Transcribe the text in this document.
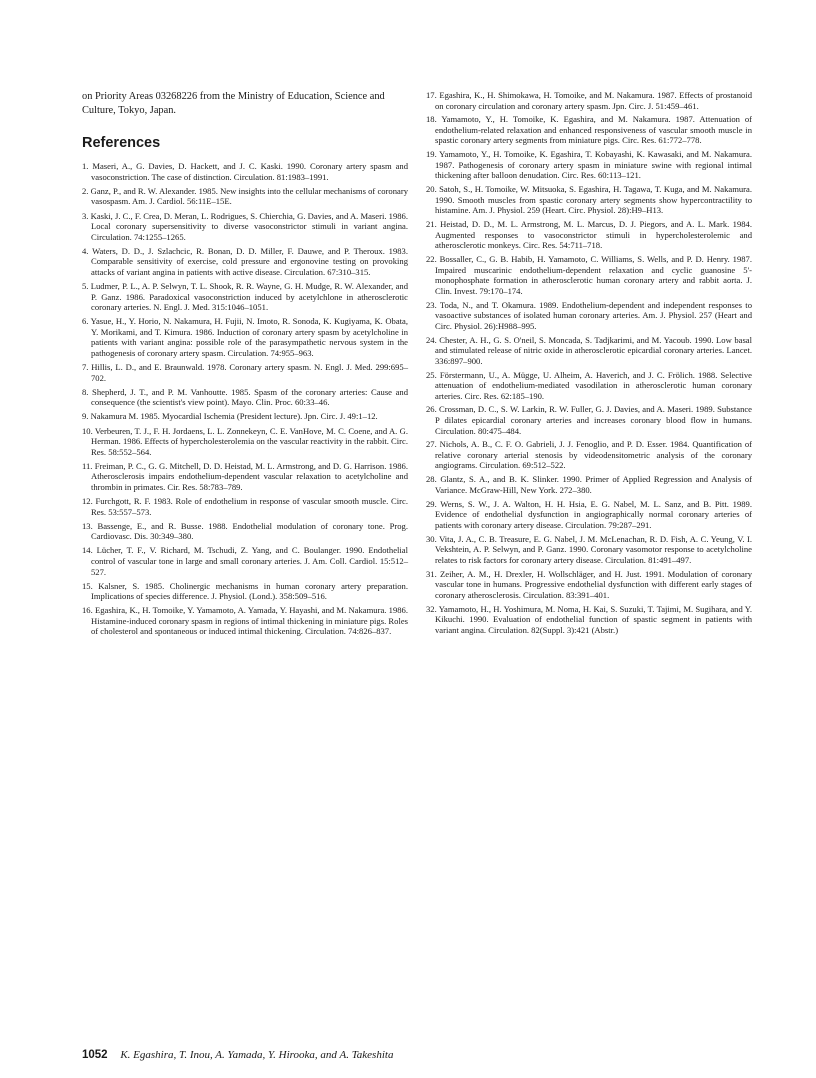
on Priority Areas 03268226 from the Ministry of Education, Science and Culture, Tokyo, Japan.

References
1. Maseri, A., G. Davies, D. Hackett, and J. C. Kaski. 1990. Coronary artery spasm and vasoconstriction. The case of distinction. Circulation. 81:1983–1991.
2. Ganz, P., and R. W. Alexander. 1985. New insights into the cellular mechanisms of coronary vasospasm. Am. J. Cardiol. 56:11E–15E.
3. Kaski, J. C., F. Crea, D. Meran, L. Rodrigues, S. Chierchia, G. Davies, and A. Maseri. 1986. Local coronary supersensitivity to diverse vasoconstrictor stimuli in variant angina. Circulation. 74:1255–1265.
4. Waters, D. D., J. Szlachcic, R. Bonan, D. D. Miller, F. Dauwe, and P. Theroux. 1983. Comparable sensitivity of exercise, cold pressure and ergonovine testing on provoking attacks of variant angina in patients with active disease. Circulation. 67:310–315.
5. Ludmer, P. L., A. P. Selwyn, T. L. Shook, R. R. Wayne, G. H. Mudge, R. W. Alexander, and P. Ganz. 1986. Paradoxical vasoconstriction induced by acetylchlone in atherosclerotic coronary arteries. N. Engl. J. Med. 315:1046–1051.
6. Yasue, H., Y. Horio, N. Nakamura, H. Fujii, N. Imoto, R. Sonoda, K. Kugiyama, K. Obata, Y. Morikami, and T. Kimura. 1986. Induction of coronary artery spasm by acetylcholine in patients with variant angina: possible role of the parasympathetic nervous system in the pathogenesis of coronary artery spasm. Circulation. 74:955–963.
7. Hillis, L. D., and E. Braunwald. 1978. Coronary artery spasm. N. Engl. J. Med. 299:695–702.
8. Shepherd, J. T., and P. M. Vanhoutte. 1985. Spasm of the coronary arteries: Cause and consequence (the scientist's view point). Mayo. Clin. Proc. 60:33–46.
9. Nakamura M. 1985. Myocardial Ischemia (President lecture). Jpn. Circ. J. 49:1–12.
10. Verbeuren, T. J., F. H. Jordaens, L. L. Zonnekeyn, C. E. VanHove, M. C. Coene, and A. G. Herman. 1986. Effects of hypercholesterolemia on the vascular reactivity in the rabbit. Circ. Res. 58:552–564.
11. Freiman, P. C., G. G. Mitchell, D. D. Heistad, M. L. Armstrong, and D. G. Harrison. 1986. Atherosclerosis impairs endothelium-dependent vascular relaxation to acetylcholine and thrombin in primates. Cir. Res. 58:783–789.
12. Furchgott, R. F. 1983. Role of endothelium in response of vascular smooth muscle. Circ. Res. 53:557–573.
13. Bassenge, E., and R. Busse. 1988. Endothelial modulation of coronary tone. Prog. Cardiovasc. Dis. 30:349–380.
14. Lücher, T. F., V. Richard, M. Tschudi, Z. Yang, and C. Boulanger. 1990. Endothelial control of vascular tone in large and small coronary arteries. J. Am. Coll. Cardiol. 15:512–527.
15. Kalsner, S. 1985. Cholinergic mechanisms in human coronary artery preparation. Implications of species difference. J. Physiol. (Lond.). 358:509–516.
16. Egashira, K., H. Tomoike, Y. Yamamoto, A. Yamada, Y. Hayashi, and M. Nakamura. 1986. Histamine-induced coronary spasm in regions of intimal thickening in miniature pigs. Roles of cholesterol and spontaneous or induced intimal thickening. Circulation. 74:826–837.
17. Egashira, K., H. Shimokawa, H. Tomoike, and M. Nakamura. 1987. Effects of prostanoid on coronary circulation and coronary artery spasm. Jpn. Circ. J. 51:459–461.
18. Yamamoto, Y., H. Tomoike, K. Egashira, and M. Nakamura. 1987. Attenuation of endothelium-related relaxation and enhanced responsiveness of vascular smooth muscle in spastic coronary artery segments from miniature pigs. Circ. Res. 61:772–778.
19. Yamamoto, Y., H. Tomoike, K. Egashira, T. Kobayashi, K. Kawasaki, and M. Nakamura. 1987. Pathogenesis of coronary artery spasm in miniature swine with regional intimal thickening after balloon denudation. Circ. Res. 60:113–121.
20. Satoh, S., H. Tomoike, W. Mitsuoka, S. Egashira, H. Tagawa, T. Kuga, and M. Nakamura. 1990. Smooth muscles from spastic coronary artery segments show hypercontractility to histamine. Am. J. Physiol. 259 (Heart. Circ. Physiol. 28):H9–H13.
21. Heistad, D. D., M. L. Armstrong, M. L. Marcus, D. J. Piegors, and A. L. Mark. 1984. Augmented responses to vasoconstrictor stimuli in hypercholesterolemic and atherosclerotic monkeys. Circ. Res. 54:711–718.
22. Bossaller, C., G. B. Habib, H. Yamamoto, C. Williams, S. Wells, and P. D. Henry. 1987. Impaired muscarinic endothelium-dependent relaxation and cyclic guanosine 5'-monophosphate formation in atherosclerotic human coronary artery and rabbit aorta. J. Clin. Invest. 79:170–174.
23. Toda, N., and T. Okamura. 1989. Endothelium-dependent and independent responses to vasoactive substances of isolated human coronary arteries. Am. J. Physiol. 257 (Heart and Circ. Physiol. 26):H988–995.
24. Chester, A. H., G. S. O'neil, S. Moncada, S. Tadjkarimi, and M. Yacoub. 1990. Low basal and stimulated release of nitric oxide in atherosclerotic epicardial coronary arteries. Lancet. 336:897–900.
25. Förstermann, U., A. Mügge, U. Alheim, A. Haverich, and J. C. Frölich. 1988. Selective attenuation of endothelium-mediated vasodilation in atherosclerotic human coronary arteries. Circ. Res. 62:185–190.
26. Crossman, D. C., S. W. Larkin, R. W. Fuller, G. J. Davies, and A. Maseri. 1989. Substance P dilates epicardial coronary arteries and increases coronary blood flow in humans. Circulation. 80:475–484.
27. Nichols, A. B., C. F. O. Gabrieli, J. J. Fenoglio, and P. D. Esser. 1984. Quantification of relative coronary arterial stenosis by videodensitometric analysis of the coronary angiograms. Circulation. 69:512–522.
28. Glantz, S. A., and B. K. Slinker. 1990. Primer of Applied Regression and Analysis of Variance. McGraw-Hill, New York. 272–380.
29. Werns, S. W., J. A. Walton, H. H. Hsia, E. G. Nabel, M. L. Sanz, and B. Pitt. 1989. Evidence of endothelial dysfunction in angiographically normal coronary arteries of patients with coronary artery disease. Circulation. 79:287–291.
30. Vita, J. A., C. B. Treasure, E. G. Nabel, J. M. McLenachan, R. D. Fish, A. C. Yeung, V. I. Vekshtein, A. P. Selwyn, and P. Ganz. 1990. Coronary vasomotor response to acetylcholine relates to risk factors for coronary artery disease. Circulation. 81:491–497.
31. Zeiher, A. M., H. Drexler, H. Wollschläger, and H. Just. 1991. Modulation of coronary vascular tone in humans. Progressive endothelial dysfunction with different early stages of coronary atherosclerosis. Circulation. 83:391–401.
32. Yamamoto, H., H. Yoshimura, M. Noma, H. Kai, S. Suzuki, T. Tajimi, M. Sugihara, and Y. Kikuchi. 1990. Evaluation of endothelial function of spastic segment in patients with variant angina. Circulation. 82(Suppl. 3):421 (Abstr.)
1052 K. Egashira, T. Inou, A. Yamada, Y. Hirooka, and A. Takeshita
